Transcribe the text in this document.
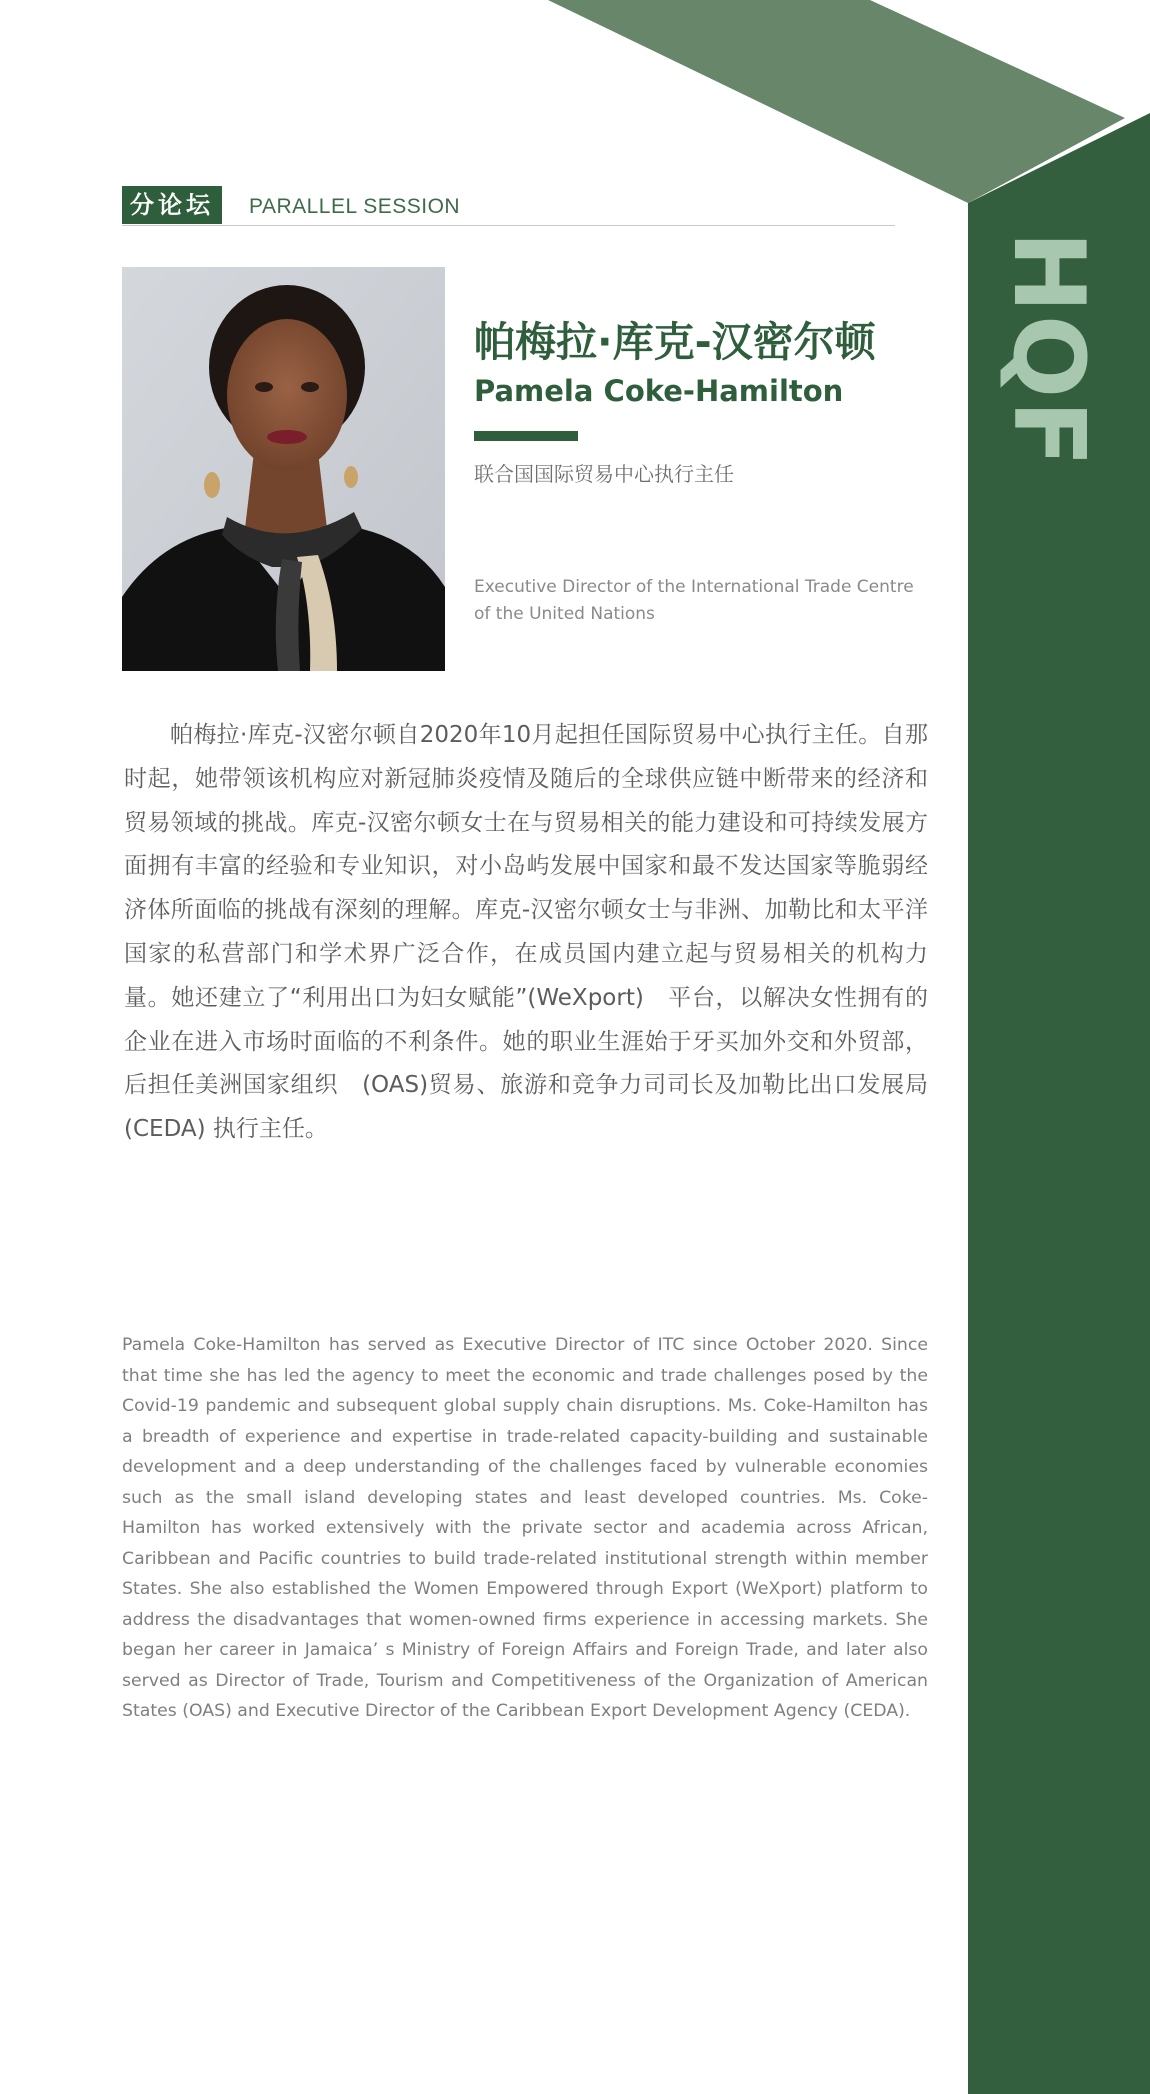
HQF
分论坛	PARALLEL SESSION
帕梅拉·库克-汉密尔顿
Pamela Coke-Hamilton
联合国国际贸易中心执行主任
Executive Director of the International Trade Centre of the United Nations

帕梅拉·库克-汉密尔顿自2020年10月起担任国际贸易中心执行主任。自那时起，她带领该机构应对新冠肺炎疫情及随后的全球供应链中断带来的经济和贸易领域的挑战。库克-汉密尔顿女士在与贸易相关的能力建设和可持续发展方面拥有丰富的经验和专业知识，对小岛屿发展中国家和最不发达国家等脆弱经济体所面临的挑战有深刻的理解。库克-汉密尔顿女士与非洲、加勒比和太平洋国家的私营部门和学术界广泛合作，在成员国内建立起与贸易相关的机构力量。她还建立了“利用出口为妇女赋能”(WeXport)　平台，以解决女性拥有的企业在进入市场时面临的不利条件。她的职业生涯始于牙买加外交和外贸部，后担任美洲国家组织　(OAS)贸易、旅游和竞争力司司长及加勒比出口发展局 (CEDA) 执行主任。

Pamela Coke-Hamilton has served as Executive Director of ITC since October 2020. Since that time she has led the agency to meet the economic and trade challenges posed by the Covid-19 pandemic and subsequent global supply chain disruptions. Ms. Coke-Hamilton has a breadth of experience and expertise in trade-related capacity-building and sustainable development and a deep understanding of the challenges faced by vulnerable economies such as the small island developing states and least developed countries. Ms. Coke-Hamilton has worked extensively with the private sector and academia across African, Caribbean and Pacific countries to build trade-related institutional strength within member States. She also established the Women Empowered through Export (WeXport) platform to address the disadvantages that women-owned firms experience in accessing markets. She began her career in Jamaica’ s Ministry of Foreign Affairs and Foreign Trade, and later also served as Director of Trade, Tourism and Competitiveness of the Organization of American States (OAS) and Executive Director of the Caribbean Export Development Agency (CEDA).
